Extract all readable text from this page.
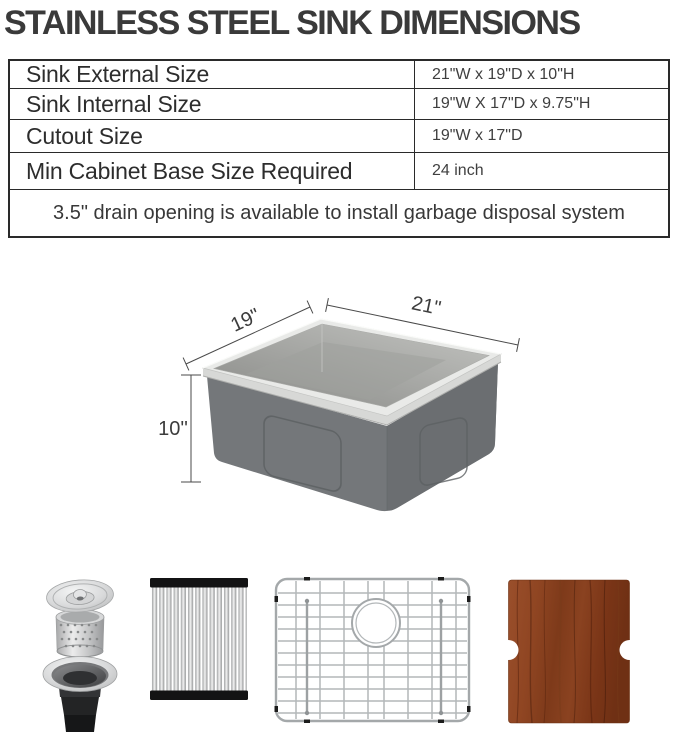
STAINLESS STEEL SINK DIMENSIONS
Sink External Size	21"W x 19"D x 10"H
Sink Internal Size	19"W X 17"D x 9.75"H
Cutout Size	19"W x 17"D
Min Cabinet Base Size Required	24 inch
3.5" drain opening is available to install garbage disposal system
19"	21"
10''
